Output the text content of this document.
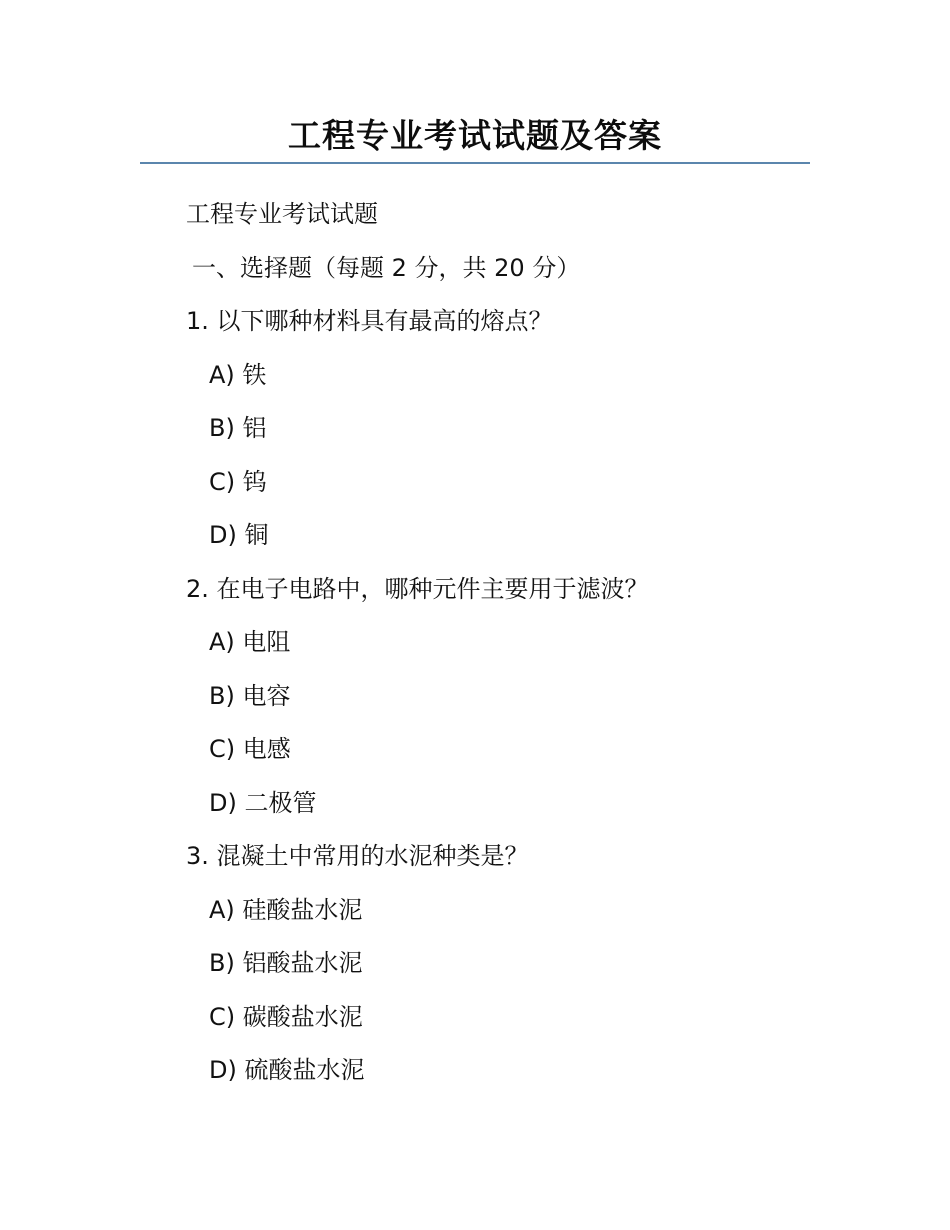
工程专业考试试题及答案
工程专业考试试题
一、选择题（每题 2 分，共 20 分）
1. 以下哪种材料具有最高的熔点？
A) 铁
B) 铝
C) 钨
D) 铜
2. 在电子电路中，哪种元件主要用于滤波？
A) 电阻
B) 电容
C) 电感
D) 二极管
3. 混凝土中常用的水泥种类是？
A) 硅酸盐水泥
B) 铝酸盐水泥
C) 碳酸盐水泥
D) 硫酸盐水泥
